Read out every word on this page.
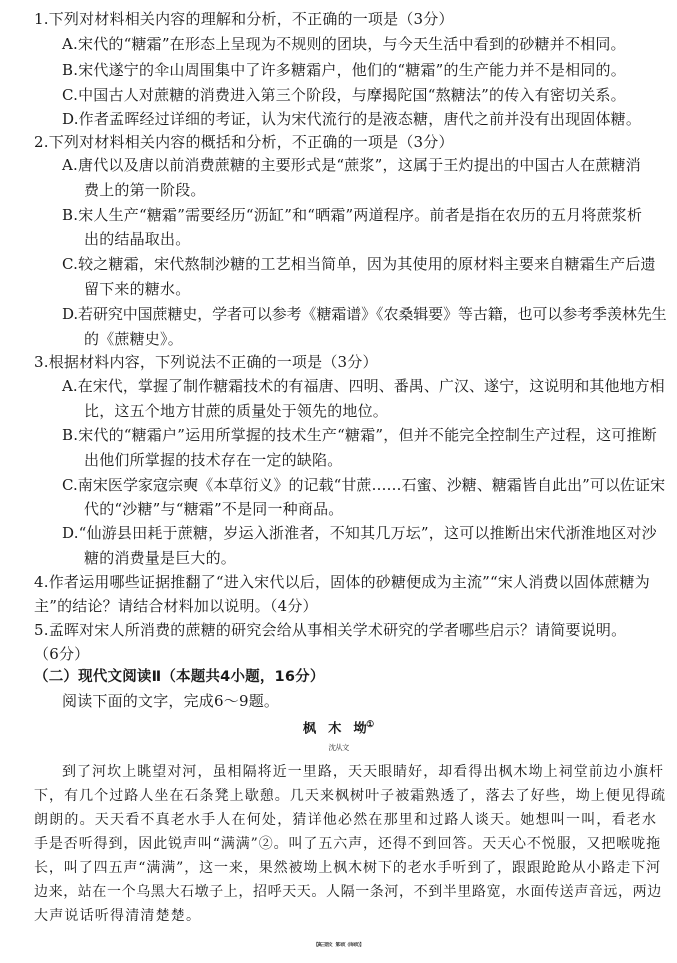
1.下列对材料相关内容的理解和分析，不正确的一项是（3分）
A.宋代的“糖霜”在形态上呈现为不规则的团块，与今天生活中看到的砂糖并不相同。
B.宋代遂宁的伞山周围集中了许多糖霜户，他们的“糖霜”的生产能力并不是相同的。
C.中国古人对蔗糖的消费进入第三个阶段，与摩揭陀国“熬糖法”的传入有密切关系。
D.作者孟晖经过详细的考证，认为宋代流行的是液态糖，唐代之前并没有出现固体糖。
2.下列对材料相关内容的概括和分析，不正确的一项是（3分）
A.唐代以及唐以前消费蔗糖的主要形式是“蔗浆”，这属于王灼提出的中国古人在蔗糖消
费上的第一阶段。
B.宋人生产“糖霜”需要经历“沥缸”和“晒霜”两道程序。前者是指在农历的五月将蔗浆析
出的结晶取出。
C.较之糖霜，宋代熬制沙糖的工艺相当简单，因为其使用的原材料主要来自糖霜生产后遗
留下来的糖水。
D.若研究中国蔗糖史，学者可以参考《糖霜谱》《农桑辑要》等古籍，也可以参考季羡林先生
的《蔗糖史》。
3.根据材料内容，下列说法不正确的一项是（3分）
A.在宋代，掌握了制作糖霜技术的有福唐、四明、番禺、广汉、遂宁，这说明和其他地方相
比，这五个地方甘蔗的质量处于领先的地位。
B.宋代的“糖霜户”运用所掌握的技术生产“糖霜”，但并不能完全控制生产过程，这可推断
出他们所掌握的技术存在一定的缺陷。
C.南宋医学家寇宗奭《本草衍义》的记载“甘蔗……石蜜、沙糖、糖霜皆自此出”可以佐证宋
代的“沙糖”与“糖霜”不是同一种商品。
D.“仙游县田耗于蔗糖，岁运入浙淮者，不知其几万坛”，这可以推断出宋代浙淮地区对沙
糖的消费量是巨大的。
4.作者运用哪些证据推翻了“进入宋代以后，固体的砂糖便成为主流”“宋人消费以固体蔗糖为
主”的结论？请结合材料加以说明。（4分）
5.孟晖对宋人所消费的蔗糖的研究会给从事相关学术研究的学者哪些启示？请简要说明。
（6分）
（二）现代文阅读Ⅱ（本题共4小题，16分）
阅读下面的文字，完成6～9题。
枫　木　坳①
沈从文
到了河坎上眺望对河，虽相隔将近一里路，天天眼睛好，却看得出枫木坳上祠堂前边小旗杆
下，有几个过路人坐在石条凳上歇憩。几天来枫树叶子被霜熟透了，落去了好些，坳上便见得疏
朗朗的。天天看不真老水手人在何处，猜详他必然在那里和过路人谈天。她想叫一叫，看老水
手是否听得到，因此锐声叫“满满”②。叫了五六声，还得不到回答。天天心不悦服，又把喉咙拖
长，叫了四五声“满满”，这一来，果然被坳上枫木树下的老水手听到了，跟跟跄跄从小路走下河
边来，站在一个乌黑大石墩子上，招呼天天。人隔一条河，不到半里路宽，水面传送声音远，两边
大声说话听得清清楚楚。
【高三语文　第3页（共8页）】
